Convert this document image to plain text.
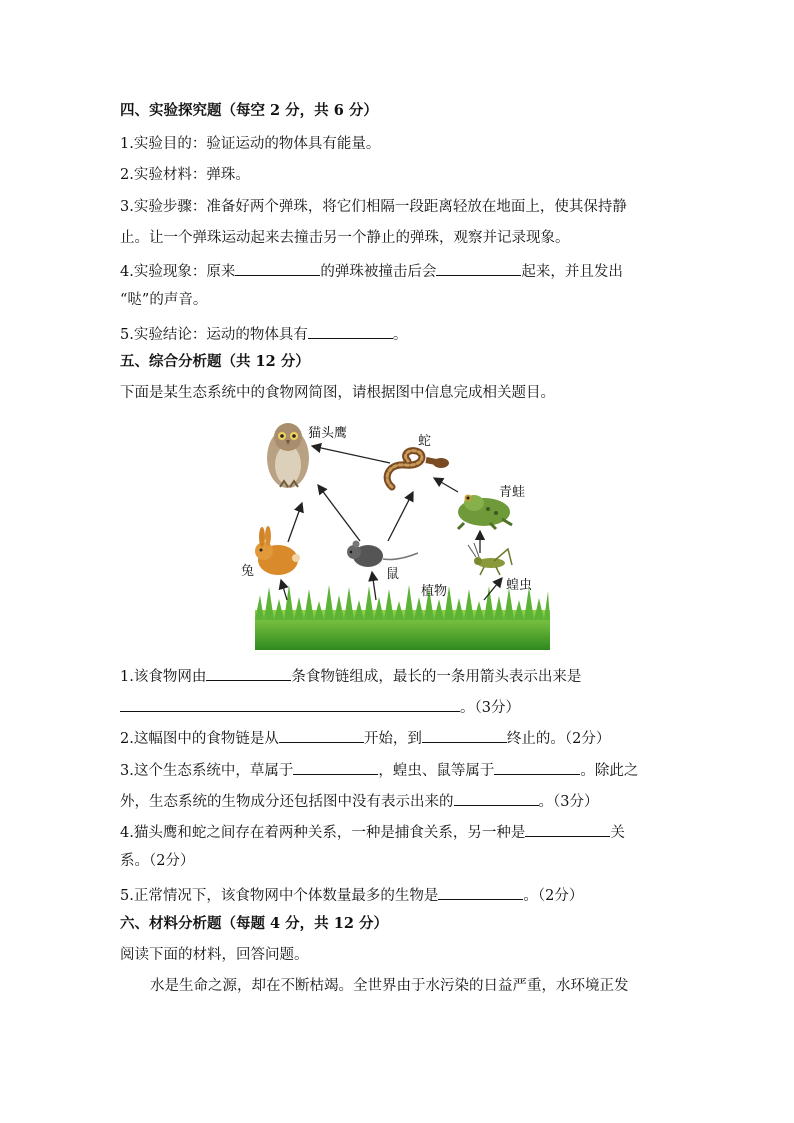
四、实验探究题（每空 2 分，共 6 分）
1.实验目的：验证运动的物体具有能量。
2.实验材料：弹珠。
3.实验步骤：准备好两个弹珠，将它们相隔一段距离轻放在地面上，使其保持静
止。让一个弹珠运动起来去撞击另一个静止的弹珠，观察并记录现象。
4.实验现象：原来	的弹珠被撞击后会	起来，并且发出
“哒”的声音。
5.实验结论：运动的物体具有	。
五、综合分析题（共 12 分）
下面是某生态系统中的食物网简图，请根据图中信息完成相关题目。
猫头鹰
蛇
青蛙
兔	鼠
植物	蝗虫
1.该食物网由	条食物链组成，最长的一条用箭头表示出来是
。（3分）
2.这幅图中的食物链是从	开始，到	终止的。（2分）
3.这个生态系统中，草属于	，蝗虫、鼠等属于	。除此之
外，生态系统的生物成分还包括图中没有表示出来的	。（3分）
4.猫头鹰和蛇之间存在着两种关系，一种是捕食关系，另一种是	关
系。（2分）
5.正常情况下，该食物网中个体数量最多的生物是	。（2分）
六、材料分析题（每题 4 分，共 12 分）
阅读下面的材料，回答问题。
水是生命之源，却在不断枯竭。全世界由于水污染的日益严重，水环境正发
